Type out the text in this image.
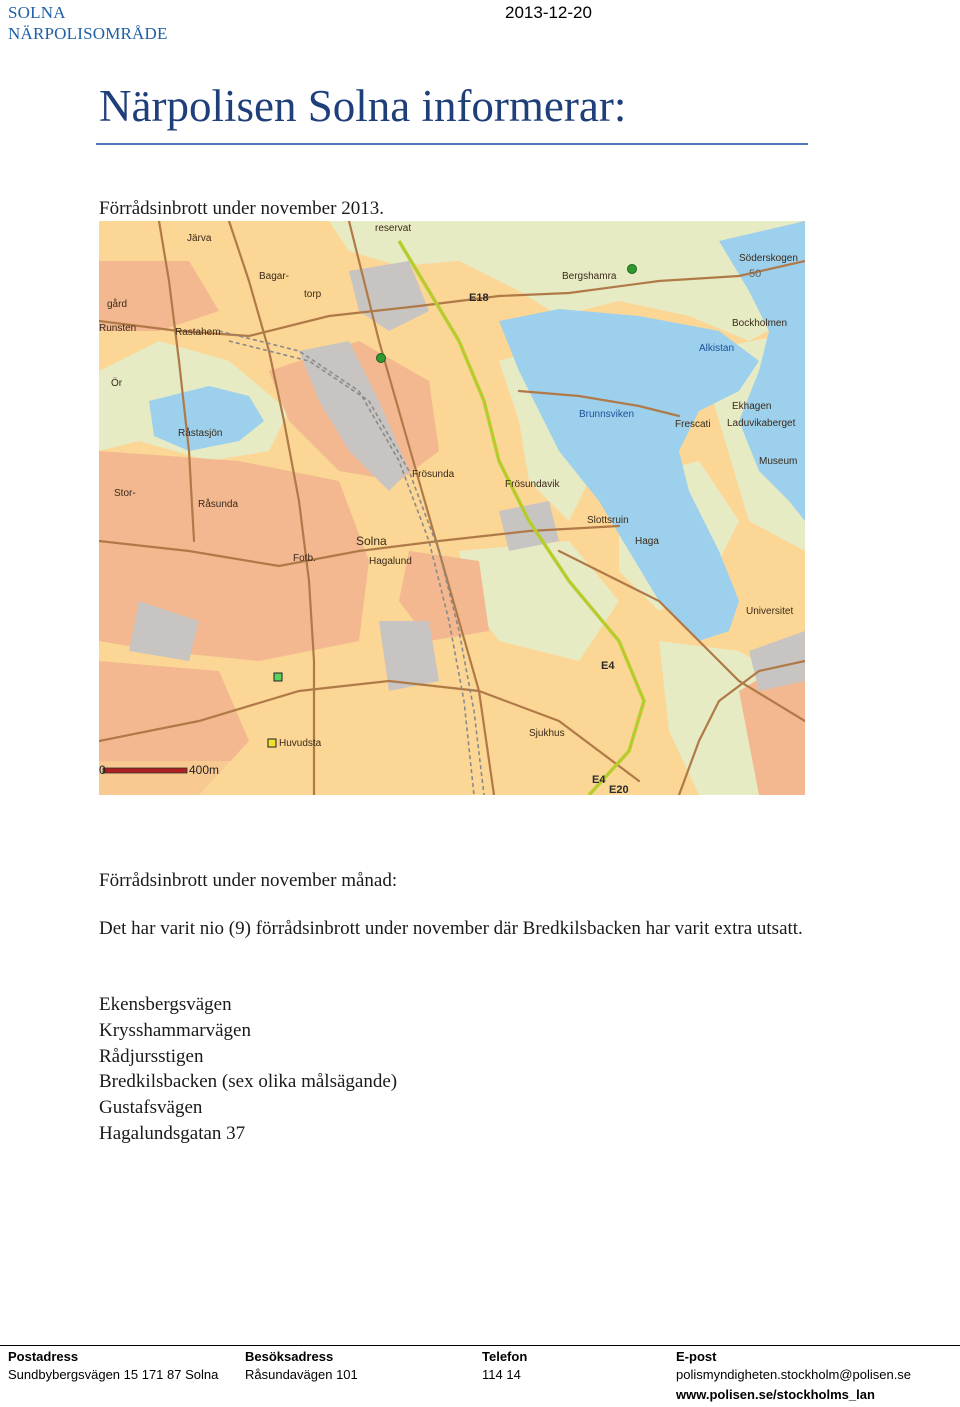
SOLNA
NÄRPOLISOMRÅDE
2013-12-20
Närpolisen Solna informerar:
Förrådsinbrott under november 2013.
Järva
reservat
Bagar-
torp
gård
Runsten	Rastahem
Ör
Råstasjön
Stor-
Råsunda
Solna
Hagalund
Fotb.
Frösunda
Frösundavik
Bergshamra
Söderskogen
Bockholmen
Alkistan
Brunnsviken
Frescati
Ekhagen
Laduvikaberget
Museum
Slottsruin
Haga
Universitet
Sjukhus
Huvudsta
E18
E4
E4
E20
50
0	400m
Förrådsinbrott under november månad:
Det har varit nio (9) förrådsinbrott under november där Bredkilsbacken har varit extra utsatt.
Ekensbergsvägen
Krysshammarvägen
Rådjursstigen
Bredkilsbacken (sex olika målsägande)
Gustafsvägen
Hagalundsgatan 37
Postadress
Sundbybergsvägen 15 171 87 Solna
Besöksadress
Råsundavägen 101
Telefon
114 14
E-post
polismyndigheten.stockholm@polisen.se
www.polisen.se/stockholms_lan
